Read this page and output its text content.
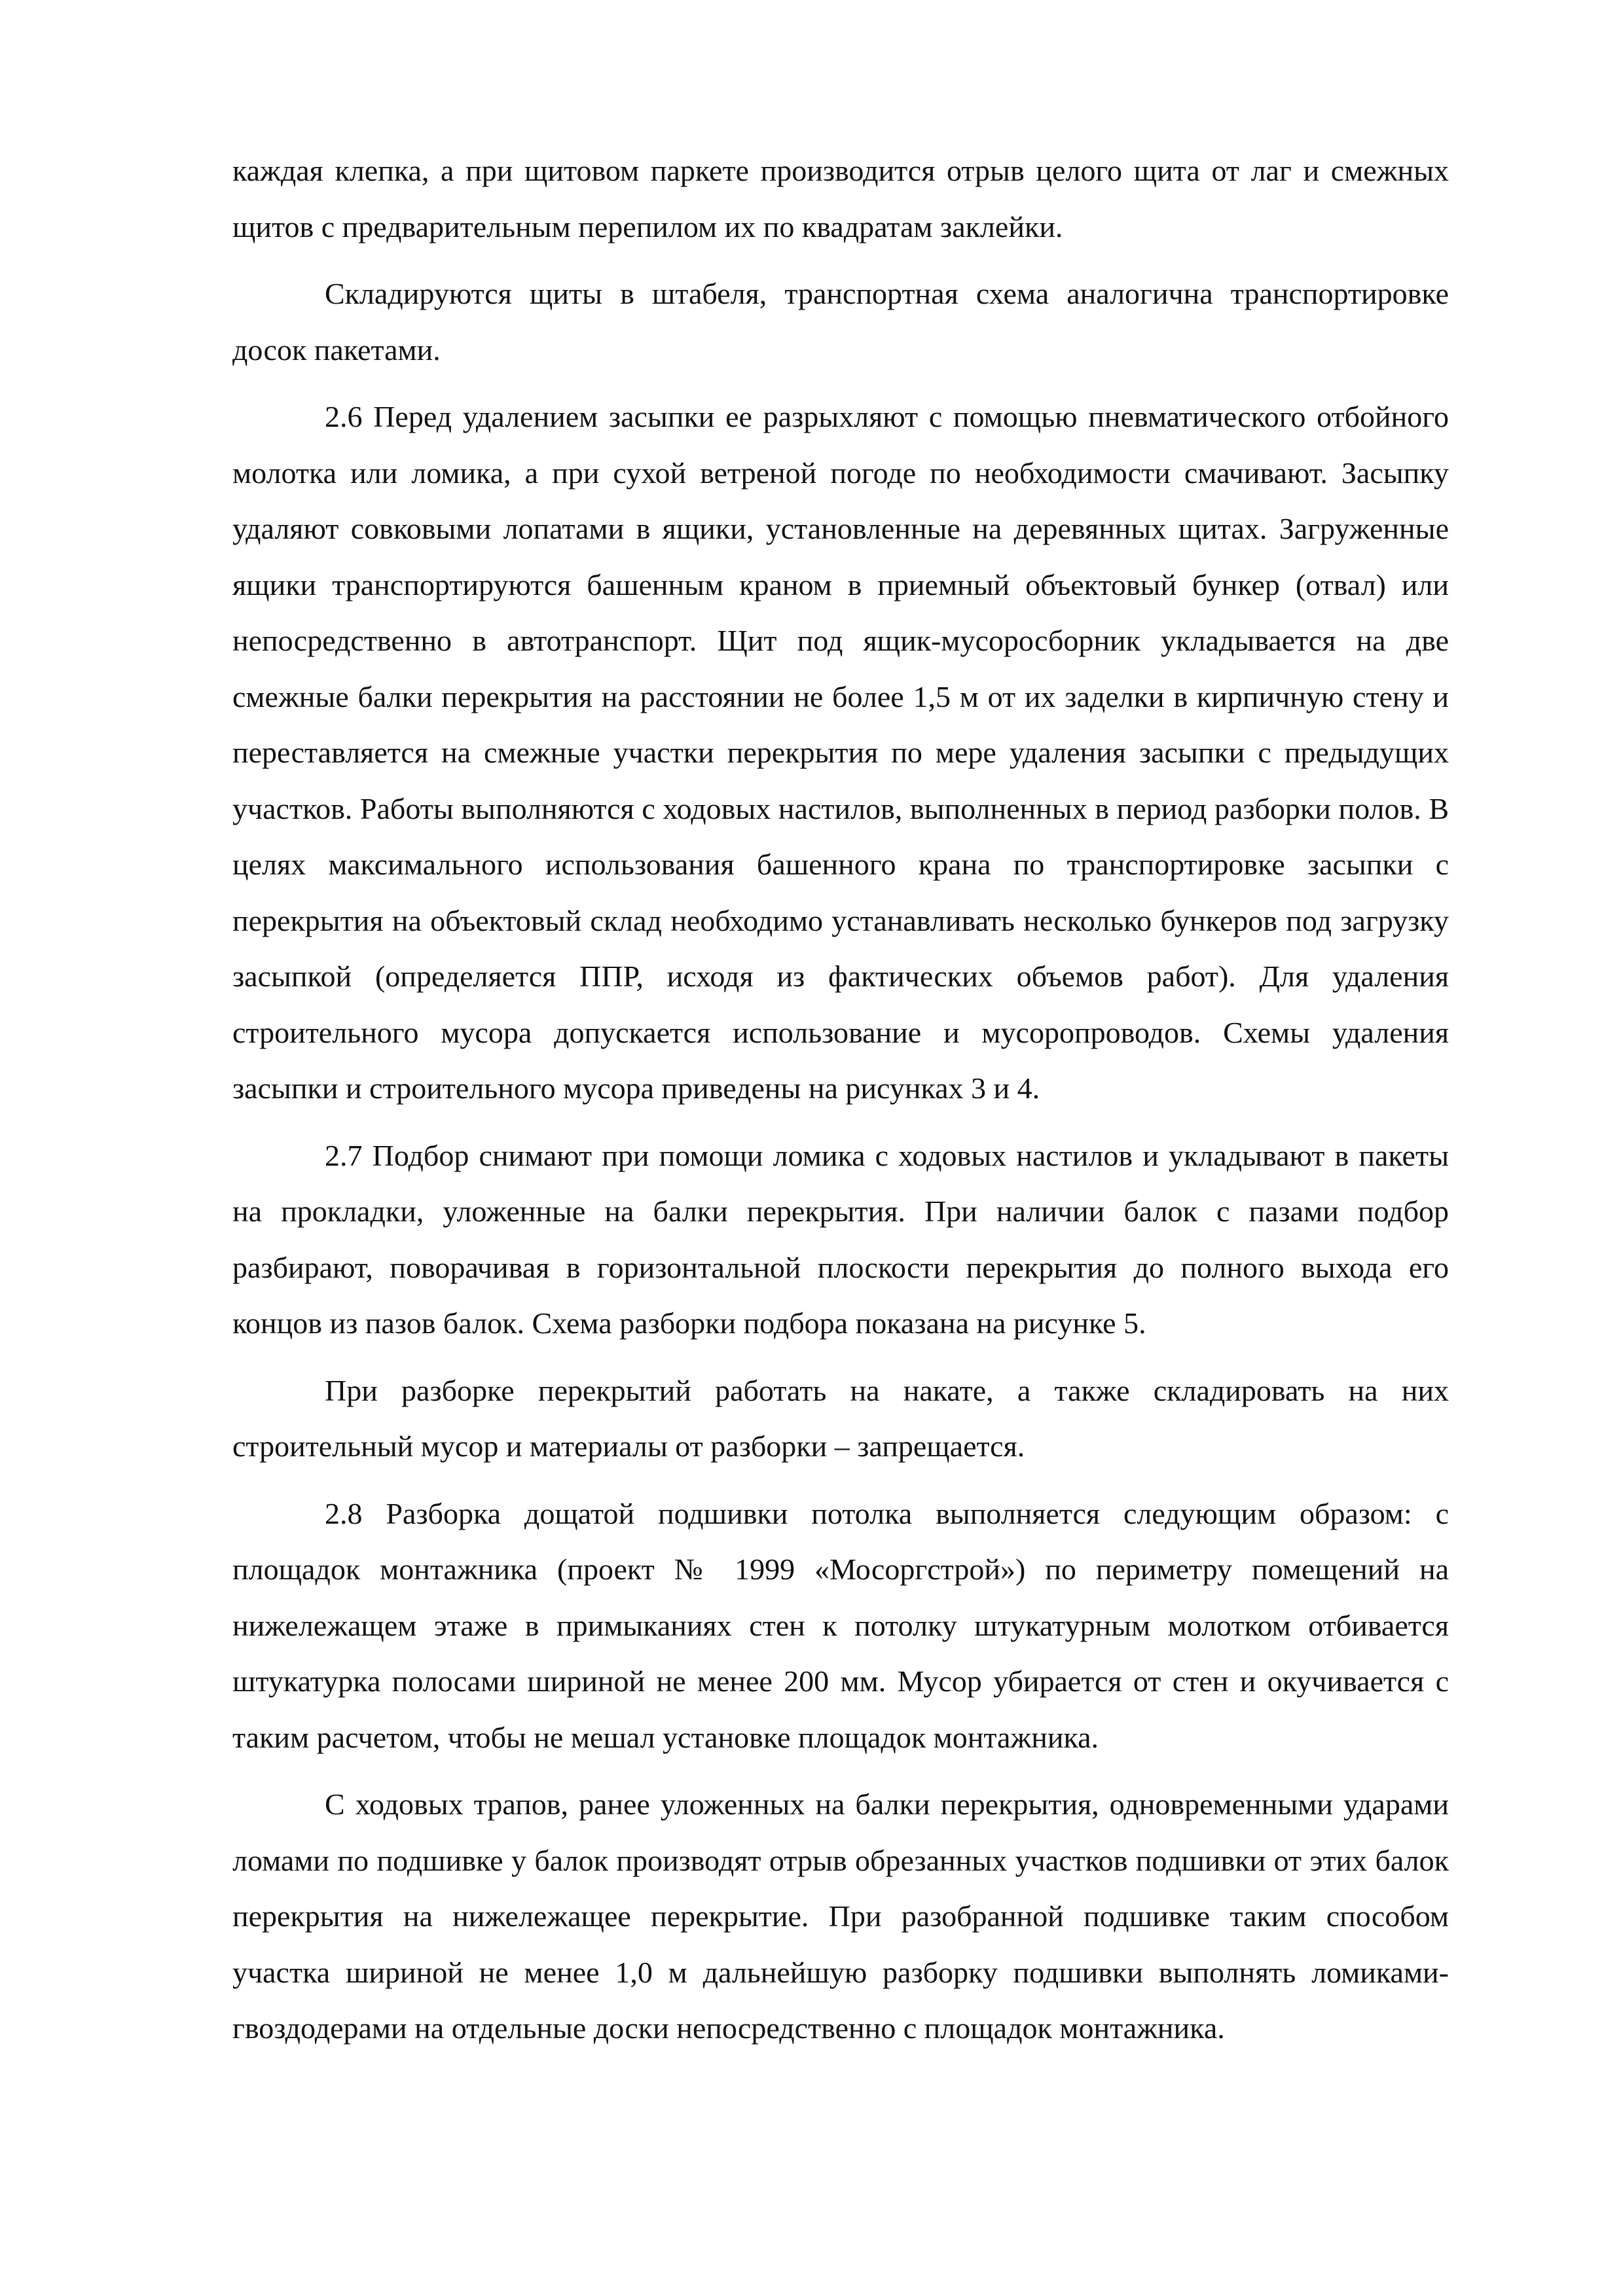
каждая клепка, а при щитовом паркете производится отрыв целого щита от лаг и смежных щитов с предварительным перепилом их по квадратам заклейки.

Складируются щиты в штабеля, транспортная схема аналогична транспортировке досок пакетами.

2.6 Перед удалением засыпки ее разрыхляют с помощью пневматического отбойного молотка или ломика, а при сухой ветреной погоде по необходимости смачивают. Засыпку удаляют совковыми лопатами в ящики, установленные на деревянных щитах. Загруженные ящики транспортируются башенным краном в приемный объектовый бункер (отвал) или непосредственно в автотранспорт. Щит под ящик-мусоросборник укладывается на две смежные балки перекрытия на расстоянии не более 1,5 м от их заделки в кирпичную стену и переставляется на смежные участки перекрытия по мере удаления засыпки с предыдущих участков. Работы выполняются с ходовых настилов, выполненных в период разборки полов. В целях максимального использования башенного крана по транспортировке засыпки с перекрытия на объектовый склад необходимо устанавливать несколько бункеров под загрузку засыпкой (определяется ППР, исходя из фактических объемов работ). Для удаления строительного мусора допускается использование и мусоропроводов. Схемы удаления засыпки и строительного мусора приведены на рисунках 3 и 4.

2.7 Подбор снимают при помощи ломика с ходовых настилов и укладывают в пакеты на прокладки, уложенные на балки перекрытия. При наличии балок с пазами подбор разбирают, поворачивая в горизонтальной плоскости перекрытия до полного выхода его концов из пазов балок. Схема разборки подбора показана на рисунке 5.

При разборке перекрытий работать на накате, а также складировать на них строительный мусор и материалы от разборки – запрещается.

2.8 Разборка дощатой подшивки потолка выполняется следующим образом: с площадок монтажника (проект № 1999 «Мосоргстрой») по периметру помещений на нижележащем этаже в примыканиях стен к потолку штукатурным молотком отбивается штукатурка полосами шириной не менее 200 мм. Мусор убирается от стен и окучивается с таким расчетом, чтобы не мешал установке площадок монтажника.

С ходовых трапов, ранее уложенных на балки перекрытия, одновременными ударами ломами по подшивке у балок производят отрыв обрезанных участков подшивки от этих балок перекрытия на нижележащее перекрытие. При разобранной подшивке таким способом участка шириной не менее 1,0 м дальнейшую разборку подшивки выполнять ломиками-гвоздодерами на отдельные доски непосредственно с площадок монтажника.
